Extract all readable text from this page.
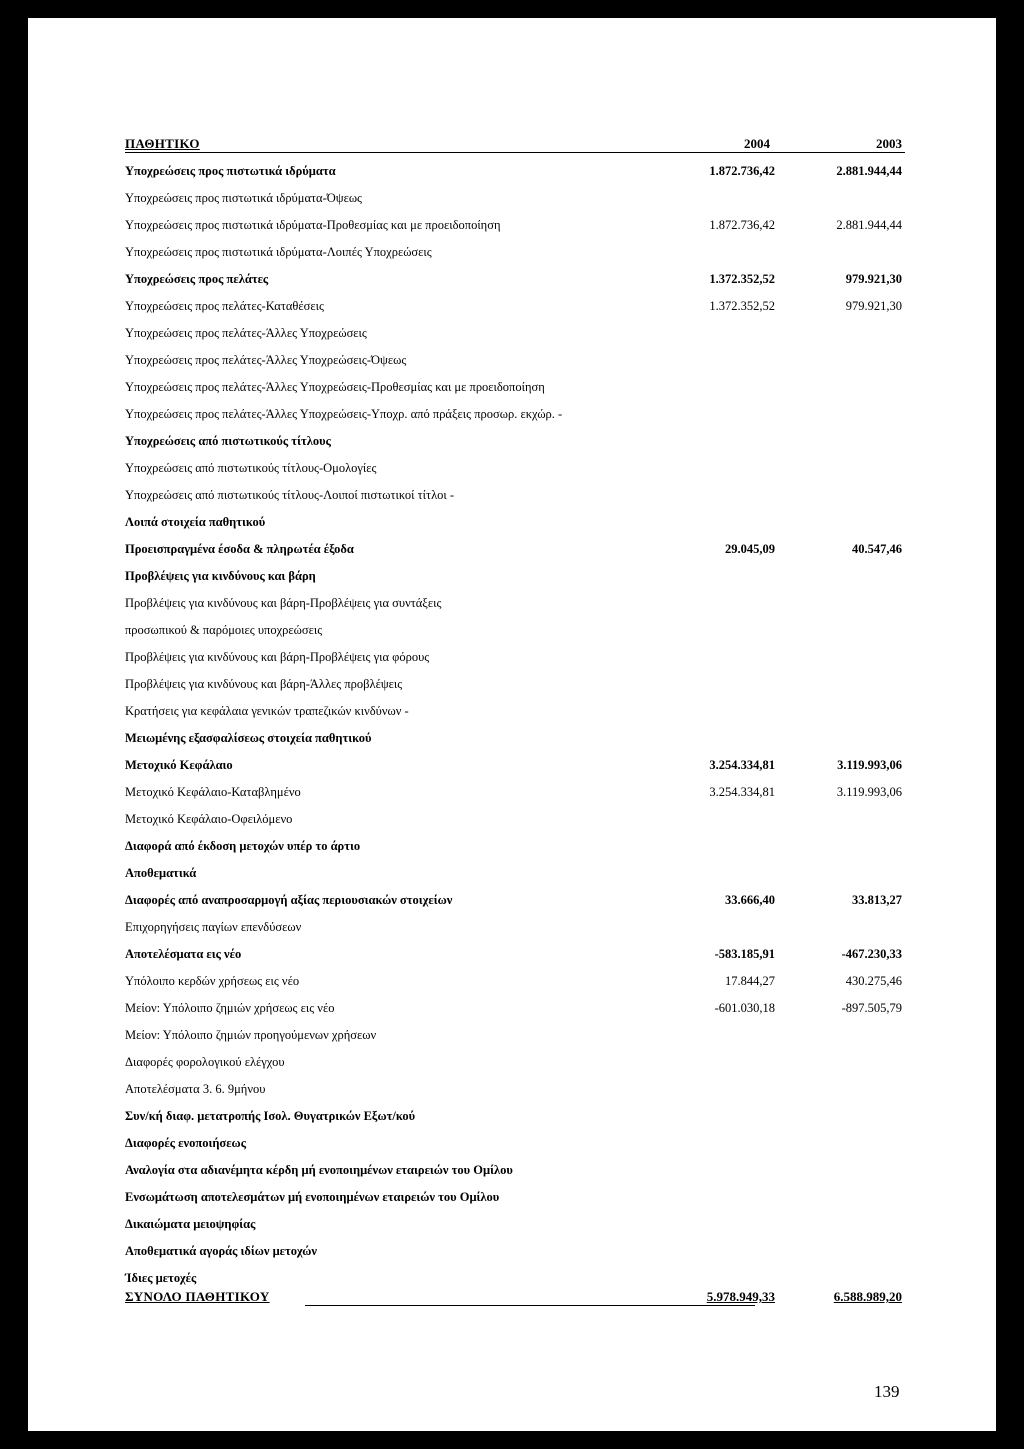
ΠΑΘΗΤΙΚΟ	2004	2003
Υποχρεώσεις προς πιστωτικά ιδρύματα	1.872.736,42	2.881.944,44
Υποχρεώσεις προς πιστωτικά ιδρύματα-Όψεως
Υποχρεώσεις προς πιστωτικά ιδρύματα-Προθεσμίας και με προειδοποίηση	1.872.736,42	2.881.944,44
Υποχρεώσεις προς πιστωτικά ιδρύματα-Λοιπές Υποχρεώσεις
Υποχρεώσεις προς πελάτες	1.372.352,52	979.921,30
Υποχρεώσεις προς πελάτες-Καταθέσεις	1.372.352,52	979.921,30
Υποχρεώσεις προς πελάτες-Άλλες Υποχρεώσεις
Υποχρεώσεις προς πελάτες-Άλλες Υποχρεώσεις-Όψεως
Υποχρεώσεις προς πελάτες-Άλλες Υποχρεώσεις-Προθεσμίας και με προειδοποίηση
Υποχρεώσεις προς πελάτες-Άλλες Υποχρεώσεις-Υποχρ. από πράξεις προσωρ. εκχώρ. -
Υποχρεώσεις από πιστωτικούς τίτλους
Υποχρεώσεις από πιστωτικούς τίτλους-Ομολογίες
Υποχρεώσεις από πιστωτικούς τίτλους-Λοιποί πιστωτικοί τίτλοι -
Λοιπά στοιχεία παθητικού
Προεισπραγμένα έσοδα & πληρωτέα έξοδα	29.045,09	40.547,46
Προβλέψεις για κινδύνους και βάρη
Προβλέψεις για κινδύνους και βάρη-Προβλέψεις για συντάξεις
προσωπικού & παρόμοιες υποχρεώσεις
Προβλέψεις για κινδύνους και βάρη-Προβλέψεις για φόρους
Προβλέψεις για κινδύνους και βάρη-Άλλες προβλέψεις
Κρατήσεις για κεφάλαια γενικών τραπεζικών κινδύνων -
Μειωμένης εξασφαλίσεως στοιχεία παθητικού
Μετοχικό Κεφάλαιο	3.254.334,81	3.119.993,06
Μετοχικό Κεφάλαιο-Καταβλημένο	3.254.334,81	3.119.993,06
Μετοχικό Κεφάλαιο-Οφειλόμενο
Διαφορά από έκδοση μετοχών υπέρ το άρτιο
Αποθεματικά
Διαφορές από αναπροσαρμογή αξίας περιουσιακών στοιχείων	33.666,40	33.813,27
Επιχορηγήσεις παγίων επενδύσεων
Αποτελέσματα εις νέο	-583.185,91	-467.230,33
Υπόλοιπο κερδών χρήσεως εις νέο	17.844,27	430.275,46
Μείον: Υπόλοιπο ζημιών χρήσεως εις νέο	-601.030,18	-897.505,79
Μείον: Υπόλοιπο ζημιών προηγούμενων χρήσεων
Διαφορές φορολογικού ελέγχου
Αποτελέσματα 3. 6. 9μήνου
Συν/κή διαφ. μετατροπής Ισολ. Θυγατρικών Εξωτ/κού
Διαφορές ενοποιήσεως
Αναλογία στα αδιανέμητα κέρδη μή ενοποιημένων εταιρειών του Ομίλου
Ενσωμάτωση αποτελεσμάτων μή ενοποιημένων εταιρειών του Ομίλου
Δικαιώματα μειοψηφίας
Αποθεματικά αγοράς ιδίων μετοχών
Ίδιες μετοχές
ΣΥΝΟΛΟ ΠΑΘΗΤΙΚΟΥ	5.978.949,33	6.588.989,20
139
